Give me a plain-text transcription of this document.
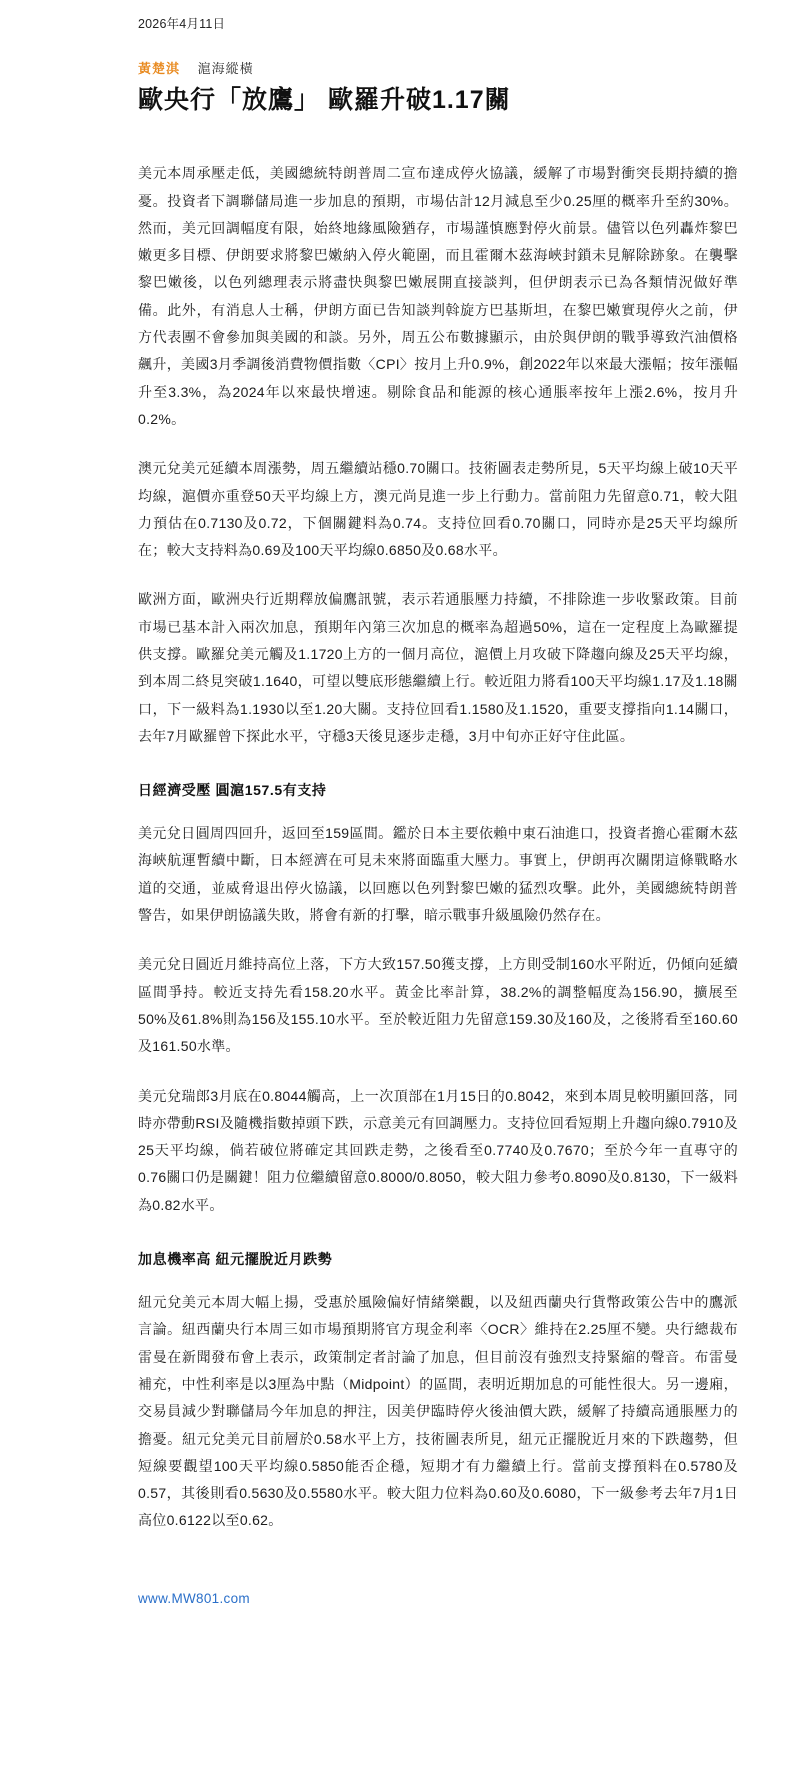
2026年4月11日
黃楚淇 滬海縱橫
歐央行「放鷹」 歐羅升破1.17關

美元本周承壓走低，美國總統特朗普周二宣布達成停火協議，緩解了市場對衝突長期持續的擔憂。投資者下調聯儲局進一步加息的預期，市場估計12月減息至少0.25厘的概率升至約30%。然而，美元回調幅度有限，始終地緣風險猶存，市場謹慎應對停火前景。儘管以色列轟炸黎巴嫩更多目標、伊朗要求將黎巴嫩納入停火範圍，而且霍爾木茲海峽封鎖未見解除跡象。在襲擊黎巴嫩後，以色列總理表示將盡快與黎巴嫩展開直接談判，但伊朗表示已為各類情況做好準備。此外，有消息人士稱，伊朗方面已告知談判斡旋方巴基斯坦，在黎巴嫩實現停火之前，伊方代表團不會參加與美國的和談。另外，周五公布數據顯示，由於與伊朗的戰爭導致汽油價格飆升，美國3月季調後消費物價指數〈CPI〉按月上升0.9%，創2022年以來最大漲幅；按年漲幅升至3.3%，為2024年以來最快增速。剔除食品和能源的核心通脹率按年上漲2.6%，按月升0.2%。

澳元兌美元延續本周漲勢，周五繼續站穩0.70關口。技術圖表走勢所見，5天平均線上破10天平均線，滬價亦重登50天平均線上方，澳元尚見進一步上行動力。當前阻力先留意0.71，較大阻力預估在0.7130及0.72，下個關鍵料為0.74。支持位回看0.70關口，同時亦是25天平均線所在；較大支持料為0.69及100天平均線0.6850及0.68水平。

歐洲方面，歐洲央行近期釋放偏鷹訊號，表示若通脹壓力持續，不排除進一步收緊政策。目前市場已基本計入兩次加息，預期年內第三次加息的概率為超過50%，這在一定程度上為歐羅提供支撐。歐羅兌美元觸及1.1720上方的一個月高位，滬價上月攻破下降趨向線及25天平均線，到本周二終見突破1.1640，可望以雙底形態繼續上行。較近阻力將看100天平均線1.17及1.18關口，下一級料為1.1930以至1.20大關。支持位回看1.1580及1.1520，重要支撐指向1.14關口，去年7月歐羅曾下探此水平，守穩3天後見逐步走穩，3月中旬亦正好守住此區。

日經濟受壓 圓滬157.5有支持

美元兌日圓周四回升，返回至159區間。鑑於日本主要依賴中東石油進口，投資者擔心霍爾木茲海峽航運暫續中斷，日本經濟在可見未來將面臨重大壓力。事實上，伊朗再次關閉這條戰略水道的交通，並威脅退出停火協議，以回應以色列對黎巴嫩的猛烈攻擊。此外，美國總統特朗普警告，如果伊朗協議失敗，將會有新的打擊，暗示戰事升級風險仍然存在。

美元兌日圓近月維持高位上落，下方大致157.50獲支撐，上方則受制160水平附近，仍傾向延續區間爭持。較近支持先看158.20水平。黃金比率計算，38.2%的調整幅度為156.90，擴展至50%及61.8%則為156及155.10水平。至於較近阻力先留意159.30及160及，之後將看至160.60及161.50水準。

美元兌瑞郎3月底在0.8044觸高，上一次頂部在1月15日的0.8042，來到本周見較明顯回落，同時亦帶動RSI及隨機指數掉頭下跌，示意美元有回調壓力。支持位回看短期上升趨向線0.7910及25天平均線，倘若破位將確定其回跌走勢，之後看至0.7740及0.7670；至於今年一直專守的0.76關口仍是關鍵！阻力位繼續留意0.8000/0.8050，較大阻力參考0.8090及0.8130，下一級料為0.82水平。

加息機率高 紐元擺脫近月跌勢

紐元兌美元本周大幅上揚，受惠於風險偏好情緒樂觀，以及紐西蘭央行貨幣政策公告中的鷹派言論。紐西蘭央行本周三如市場預期將官方現金利率〈OCR〉維持在2.25厘不變。央行總裁布雷曼在新聞發布會上表示，政策制定者討論了加息，但目前沒有強烈支持緊縮的聲音。布雷曼補充，中性利率是以3厘為中點（Midpoint）的區間，表明近期加息的可能性很大。另一邊廂，交易員減少對聯儲局今年加息的押注，因美伊臨時停火後油價大跌，緩解了持續高通脹壓力的擔憂。紐元兌美元目前層於0.58水平上方，技術圖表所見，紐元正擺脫近月來的下跌趨勢，但短線要觀望100天平均線0.5850能否企穩，短期才有力繼續上行。當前支撐預料在0.5780及0.57，其後則看0.5630及0.5580水平。較大阻力位料為0.60及0.6080，下一級參考去年7月1日高位0.6122以至0.62。

www.MW801.com
